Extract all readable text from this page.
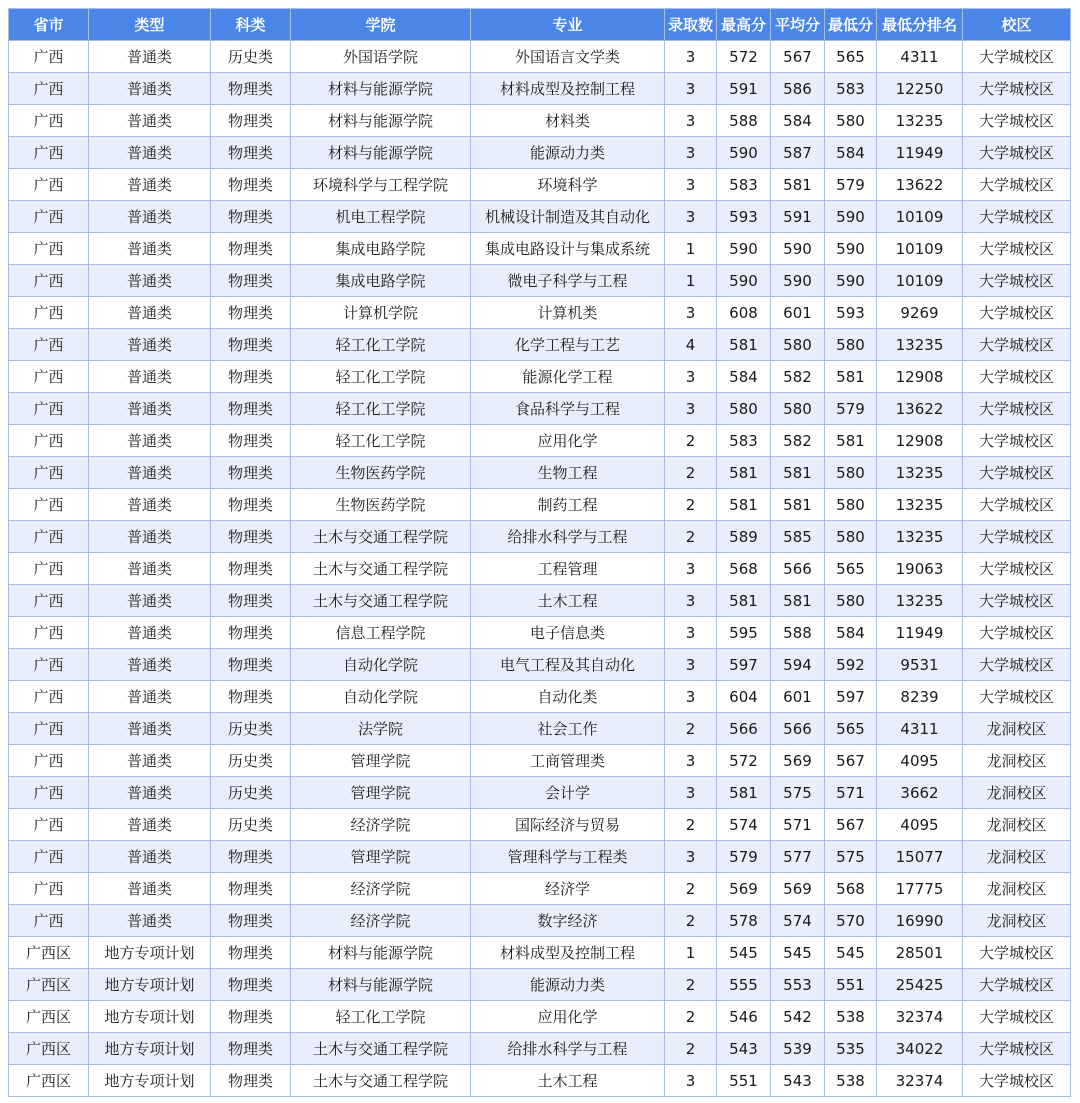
省市	类型	科类	学院	专业	录取数	最高分	平均分	最低分	最低分排名	校区
广西	普通类	历史类	外国语学院	外国语言文学类	3	572	567	565	4311	大学城校区
广西	普通类	物理类	材料与能源学院	材料成型及控制工程	3	591	586	583	12250	大学城校区
广西	普通类	物理类	材料与能源学院	材料类	3	588	584	580	13235	大学城校区
广西	普通类	物理类	材料与能源学院	能源动力类	3	590	587	584	11949	大学城校区
广西	普通类	物理类	环境科学与工程学院	环境科学	3	583	581	579	13622	大学城校区
广西	普通类	物理类	机电工程学院	机械设计制造及其自动化	3	593	591	590	10109	大学城校区
广西	普通类	物理类	集成电路学院	集成电路设计与集成系统	1	590	590	590	10109	大学城校区
广西	普通类	物理类	集成电路学院	微电子科学与工程	1	590	590	590	10109	大学城校区
广西	普通类	物理类	计算机学院	计算机类	3	608	601	593	9269	大学城校区
广西	普通类	物理类	轻工化工学院	化学工程与工艺	4	581	580	580	13235	大学城校区
广西	普通类	物理类	轻工化工学院	能源化学工程	3	584	582	581	12908	大学城校区
广西	普通类	物理类	轻工化工学院	食品科学与工程	3	580	580	579	13622	大学城校区
广西	普通类	物理类	轻工化工学院	应用化学	2	583	582	581	12908	大学城校区
广西	普通类	物理类	生物医药学院	生物工程	2	581	581	580	13235	大学城校区
广西	普通类	物理类	生物医药学院	制药工程	2	581	581	580	13235	大学城校区
广西	普通类	物理类	土木与交通工程学院	给排水科学与工程	2	589	585	580	13235	大学城校区
广西	普通类	物理类	土木与交通工程学院	工程管理	3	568	566	565	19063	大学城校区
广西	普通类	物理类	土木与交通工程学院	土木工程	3	581	581	580	13235	大学城校区
广西	普通类	物理类	信息工程学院	电子信息类	3	595	588	584	11949	大学城校区
广西	普通类	物理类	自动化学院	电气工程及其自动化	3	597	594	592	9531	大学城校区
广西	普通类	物理类	自动化学院	自动化类	3	604	601	597	8239	大学城校区
广西	普通类	历史类	法学院	社会工作	2	566	566	565	4311	龙洞校区
广西	普通类	历史类	管理学院	工商管理类	3	572	569	567	4095	龙洞校区
广西	普通类	历史类	管理学院	会计学	3	581	575	571	3662	龙洞校区
广西	普通类	历史类	经济学院	国际经济与贸易	2	574	571	567	4095	龙洞校区
广西	普通类	物理类	管理学院	管理科学与工程类	3	579	577	575	15077	龙洞校区
广西	普通类	物理类	经济学院	经济学	2	569	569	568	17775	龙洞校区
广西	普通类	物理类	经济学院	数字经济	2	578	574	570	16990	龙洞校区
广西区	地方专项计划	物理类	材料与能源学院	材料成型及控制工程	1	545	545	545	28501	大学城校区
广西区	地方专项计划	物理类	材料与能源学院	能源动力类	2	555	553	551	25425	大学城校区
广西区	地方专项计划	物理类	轻工化工学院	应用化学	2	546	542	538	32374	大学城校区
广西区	地方专项计划	物理类	土木与交通工程学院	给排水科学与工程	2	543	539	535	34022	大学城校区
广西区	地方专项计划	物理类	土木与交通工程学院	土木工程	3	551	543	538	32374	大学城校区
